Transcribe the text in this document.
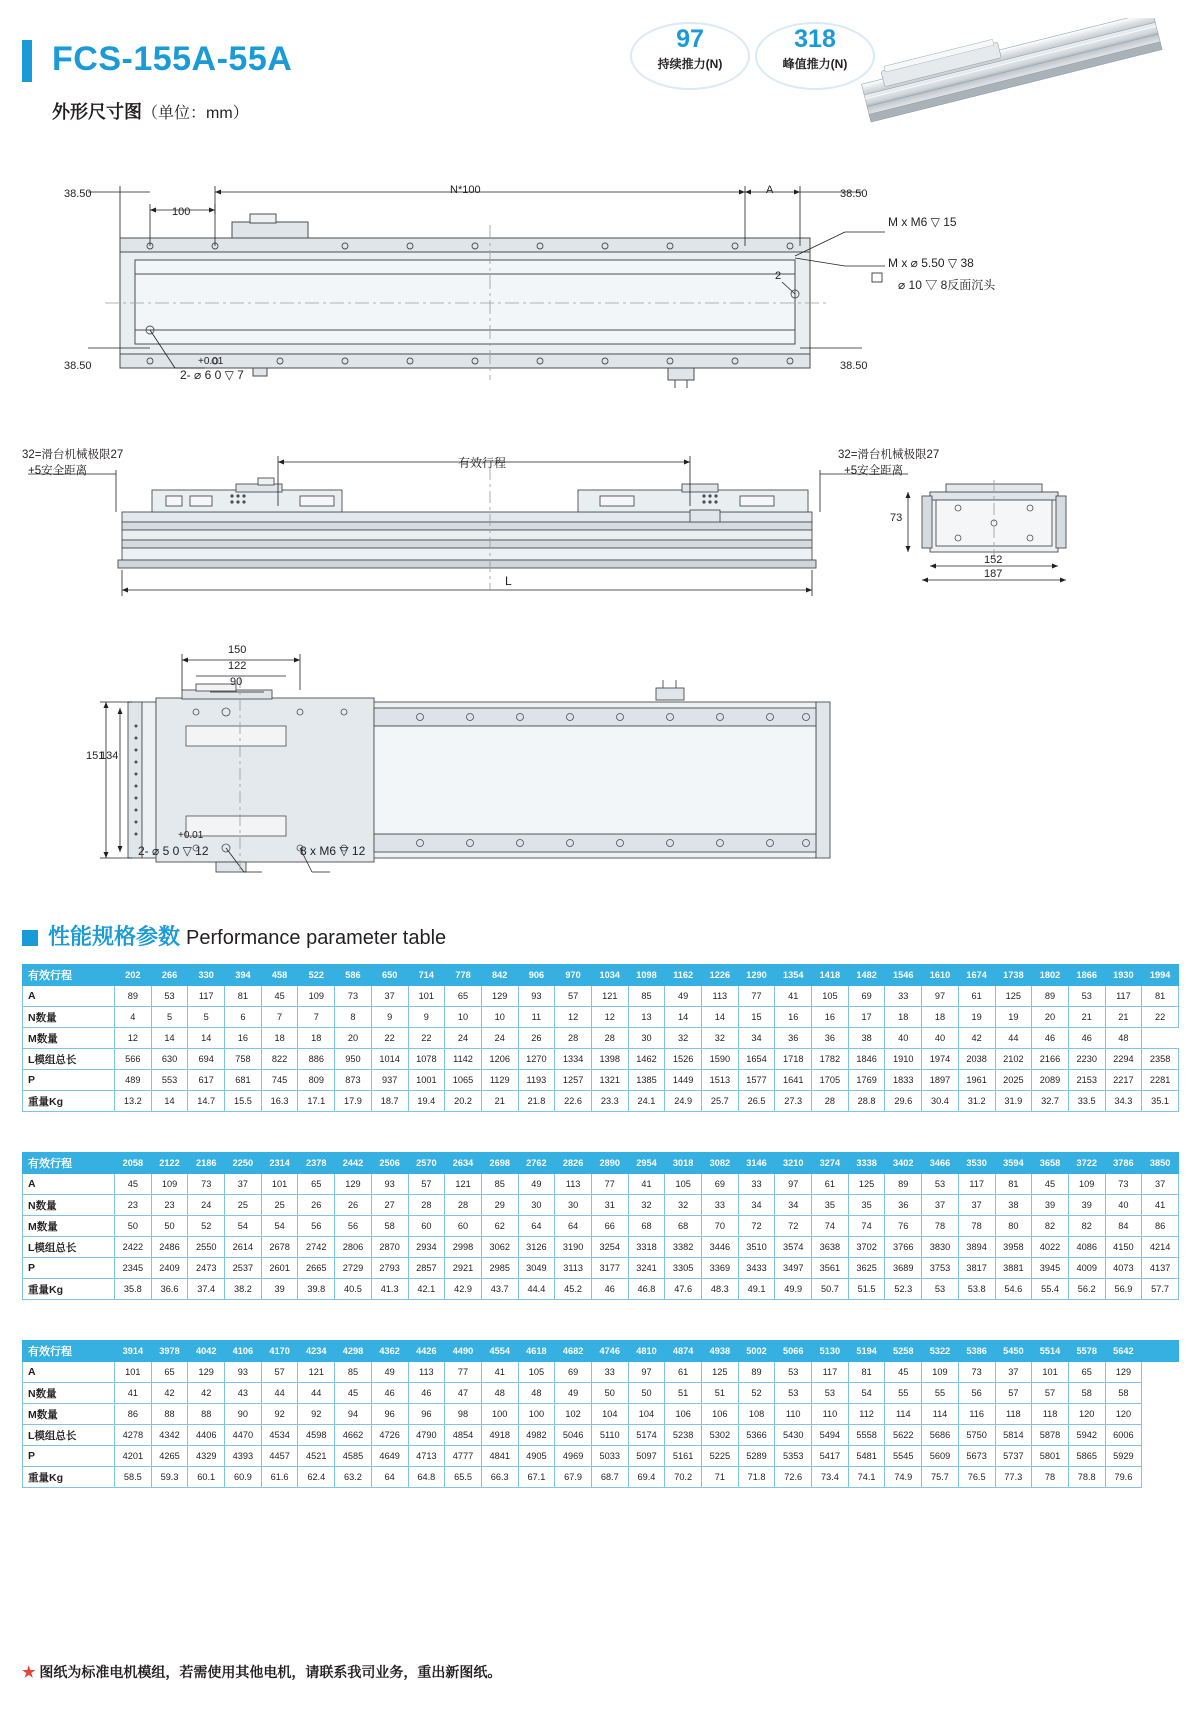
FCS-155A-55A
外形尺寸图（单位：mm）
97
持续推力(N)
318
峰值推力(N)
38.50
100
N*100	A	38.50
38.50	38.50
M x M6 ▽ 15
M x ⌀ 5.50 ▽ 38
⌀ 10 ▽ 8反面沉头
2
+0.01
2- ⌀ 6 0 ▽ 7
32=滑台机械极限27
+5安全距离
32=滑台机械极限27
+5安全距离
有效行程
L
73
152
187
150
122
90
151
134
+0.01
2- ⌀ 5 0 ▽ 12	8 x M6 ▽ 12
性能规格参数 Performance parameter table
有效行程	202	266	330	394	458	522	586	650	714	778	842	906	970	1034	1098	1162	1226	1290	1354	1418	1482	1546	1610	1674	1738	1802	1866	1930	1994
A	89	53	117	81	45	109	73	37	101	65	129	93	57	121	85	49	113	77	41	105	69	33	97	61	125	89	53	117	81
N数量	4	5	5	6	7	7	8	9	9	10	10	11	12	12	13	14	14	15	16	16	17	18	18	19	19	20	21	21	22
M数量	12	14	14	16	18	18	20	22	22	24	24	26	28	28	30	32	32	34	36	36	38	40	40	42	44	46	46	48	
L模组总长	566	630	694	758	822	886	950	1014	1078	1142	1206	1270	1334	1398	1462	1526	1590	1654	1718	1782	1846	1910	1974	2038	2102	2166	2230	2294	2358
P	489	553	617	681	745	809	873	937	1001	1065	1129	1193	1257	1321	1385	1449	1513	1577	1641	1705	1769	1833	1897	1961	2025	2089	2153	2217	2281
重量Kg	13.2	14	14.7	15.5	16.3	17.1	17.9	18.7	19.4	20.2	21	21.8	22.6	23.3	24.1	24.9	25.7	26.5	27.3	28	28.8	29.6	30.4	31.2	31.9	32.7	33.5	34.3	35.1
有效行程	2058	2122	2186	2250	2314	2378	2442	2506	2570	2634	2698	2762	2826	2890	2954	3018	3082	3146	3210	3274	3338	3402	3466	3530	3594	3658	3722	3786	3850
A	45	109	73	37	101	65	129	93	57	121	85	49	113	77	41	105	69	33	97	61	125	89	53	117	81	45	109	73	37
N数量	23	23	24	25	25	26	26	27	28	28	29	30	30	31	32	32	33	34	34	35	35	36	37	37	38	39	39	40	41
M数量	50	50	52	54	54	56	56	58	60	60	62	64	64	66	68	68	70	72	72	74	74	76	78	78	80	82	82	84	86
L模组总长	2422	2486	2550	2614	2678	2742	2806	2870	2934	2998	3062	3126	3190	3254	3318	3382	3446	3510	3574	3638	3702	3766	3830	3894	3958	4022	4086	4150	4214
P	2345	2409	2473	2537	2601	2665	2729	2793	2857	2921	2985	3049	3113	3177	3241	3305	3369	3433	3497	3561	3625	3689	3753	3817	3881	3945	4009	4073	4137
重量Kg	35.8	36.6	37.4	38.2	39	39.8	40.5	41.3	42.1	42.9	43.7	44.4	45.2	46	46.8	47.6	48.3	49.1	49.9	50.7	51.5	52.3	53	53.8	54.6	55.4	56.2	56.9	57.7
有效行程	3914	3978	4042	4106	4170	4234	4298	4362	4426	4490	4554	4618	4682	4746	4810	4874	4938	5002	5066	5130	5194	5258	5322	5386	5450	5514	5578	5642	
A	101	65	129	93	57	121	85	49	113	77	41	105	69	33	97	61	125	89	53	117	81	45	109	73	37	101	65	129	
N数量	41	42	42	43	44	44	45	46	46	47	48	48	49	50	50	51	51	52	53	53	54	55	55	56	57	57	58	58	
M数量	86	88	88	90	92	92	94	96	96	98	100	100	102	104	104	106	106	108	110	110	112	114	114	116	118	118	120	120	
L模组总长	4278	4342	4406	4470	4534	4598	4662	4726	4790	4854	4918	4982	5046	5110	5174	5238	5302	5366	5430	5494	5558	5622	5686	5750	5814	5878	5942	6006	
P	4201	4265	4329	4393	4457	4521	4585	4649	4713	4777	4841	4905	4969	5033	5097	5161	5225	5289	5353	5417	5481	5545	5609	5673	5737	5801	5865	5929	
重量Kg	58.5	59.3	60.1	60.9	61.6	62.4	63.2	64	64.8	65.5	66.3	67.1	67.9	68.7	69.4	70.2	71	71.8	72.6	73.4	74.1	74.9	75.7	76.5	77.3	78	78.8	79.6	
★ 图纸为标准电机模组，若需使用其他电机，请联系我司业务，重出新图纸。
